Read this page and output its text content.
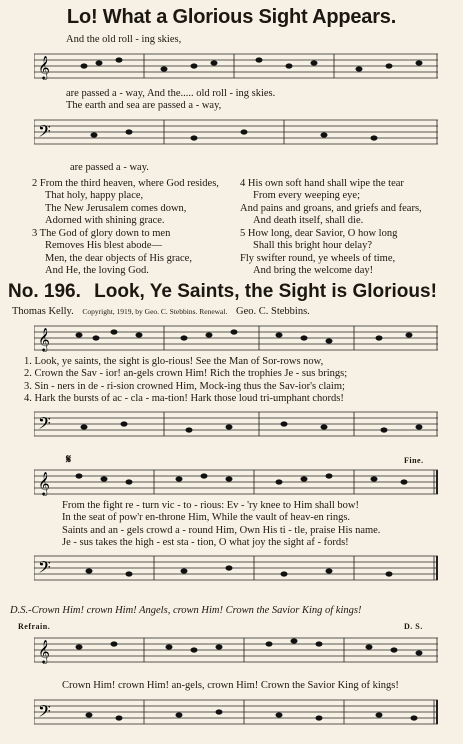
Lo! What a Glorious Sight Appears.
And the old roll - ing skies,
𝄞
are passed a - way, And the..... old roll - ing skies.
The earth and sea are passed a - way,
𝄢
are passed a - way.
2 From the third heaven, where God resides,
That holy, happy place,
The New Jerusalem comes down,
Adorned with shining grace.
3 The God of glory down to men
Removes His blest abode—
Men, the dear objects of His grace,
And He, the loving God.
4 His own soft hand shall wipe the tear
From every weeping eye;
And pains and groans, and griefs and fears,
And death itself, shall die.
5 How long, dear Savior, O how long
Shall this bright hour delay?
Fly swifter round, ye wheels of time,
And bring the welcome day!
No. 196. Look, Ye Saints, the Sight is Glorious!
Thomas Kelly. Copyright, 1919, by Geo. C. Stebbins. Renewal. Geo. C. Stebbins.
𝄞
1. Look, ye saints, the sight is glo-rious! See the Man of Sor-rows now,
2. Crown the Sav - ior! an-gels crown Him! Rich the trophies Je - sus brings;
3. Sin - ners in de - ri-sion crowned Him, Mock-ing thus the Sav-ior's claim;
4. Hark the bursts of ac - cla - ma-tion! Hark those loud tri-umphant chords!
𝄢
𝄋	Fine.
𝄞
From the fight re - turn vic - to - rious: Ev - 'ry knee to Him shall bow!
In the seat of pow'r en-throne Him, While the vault of heav-en rings.
Saints and an - gels crowd a - round Him, Own His ti - tle, praise His name.
Je - sus takes the high - est sta - tion, O what joy the sight af - fords!
𝄢
D.S.-Crown Him! crown Him! Angels, crown Him! Crown the Savior King of kings!
Refrain.	D. S.
𝄞
Crown Him! crown Him! an-gels, crown Him! Crown the Savior King of kings!
𝄢
